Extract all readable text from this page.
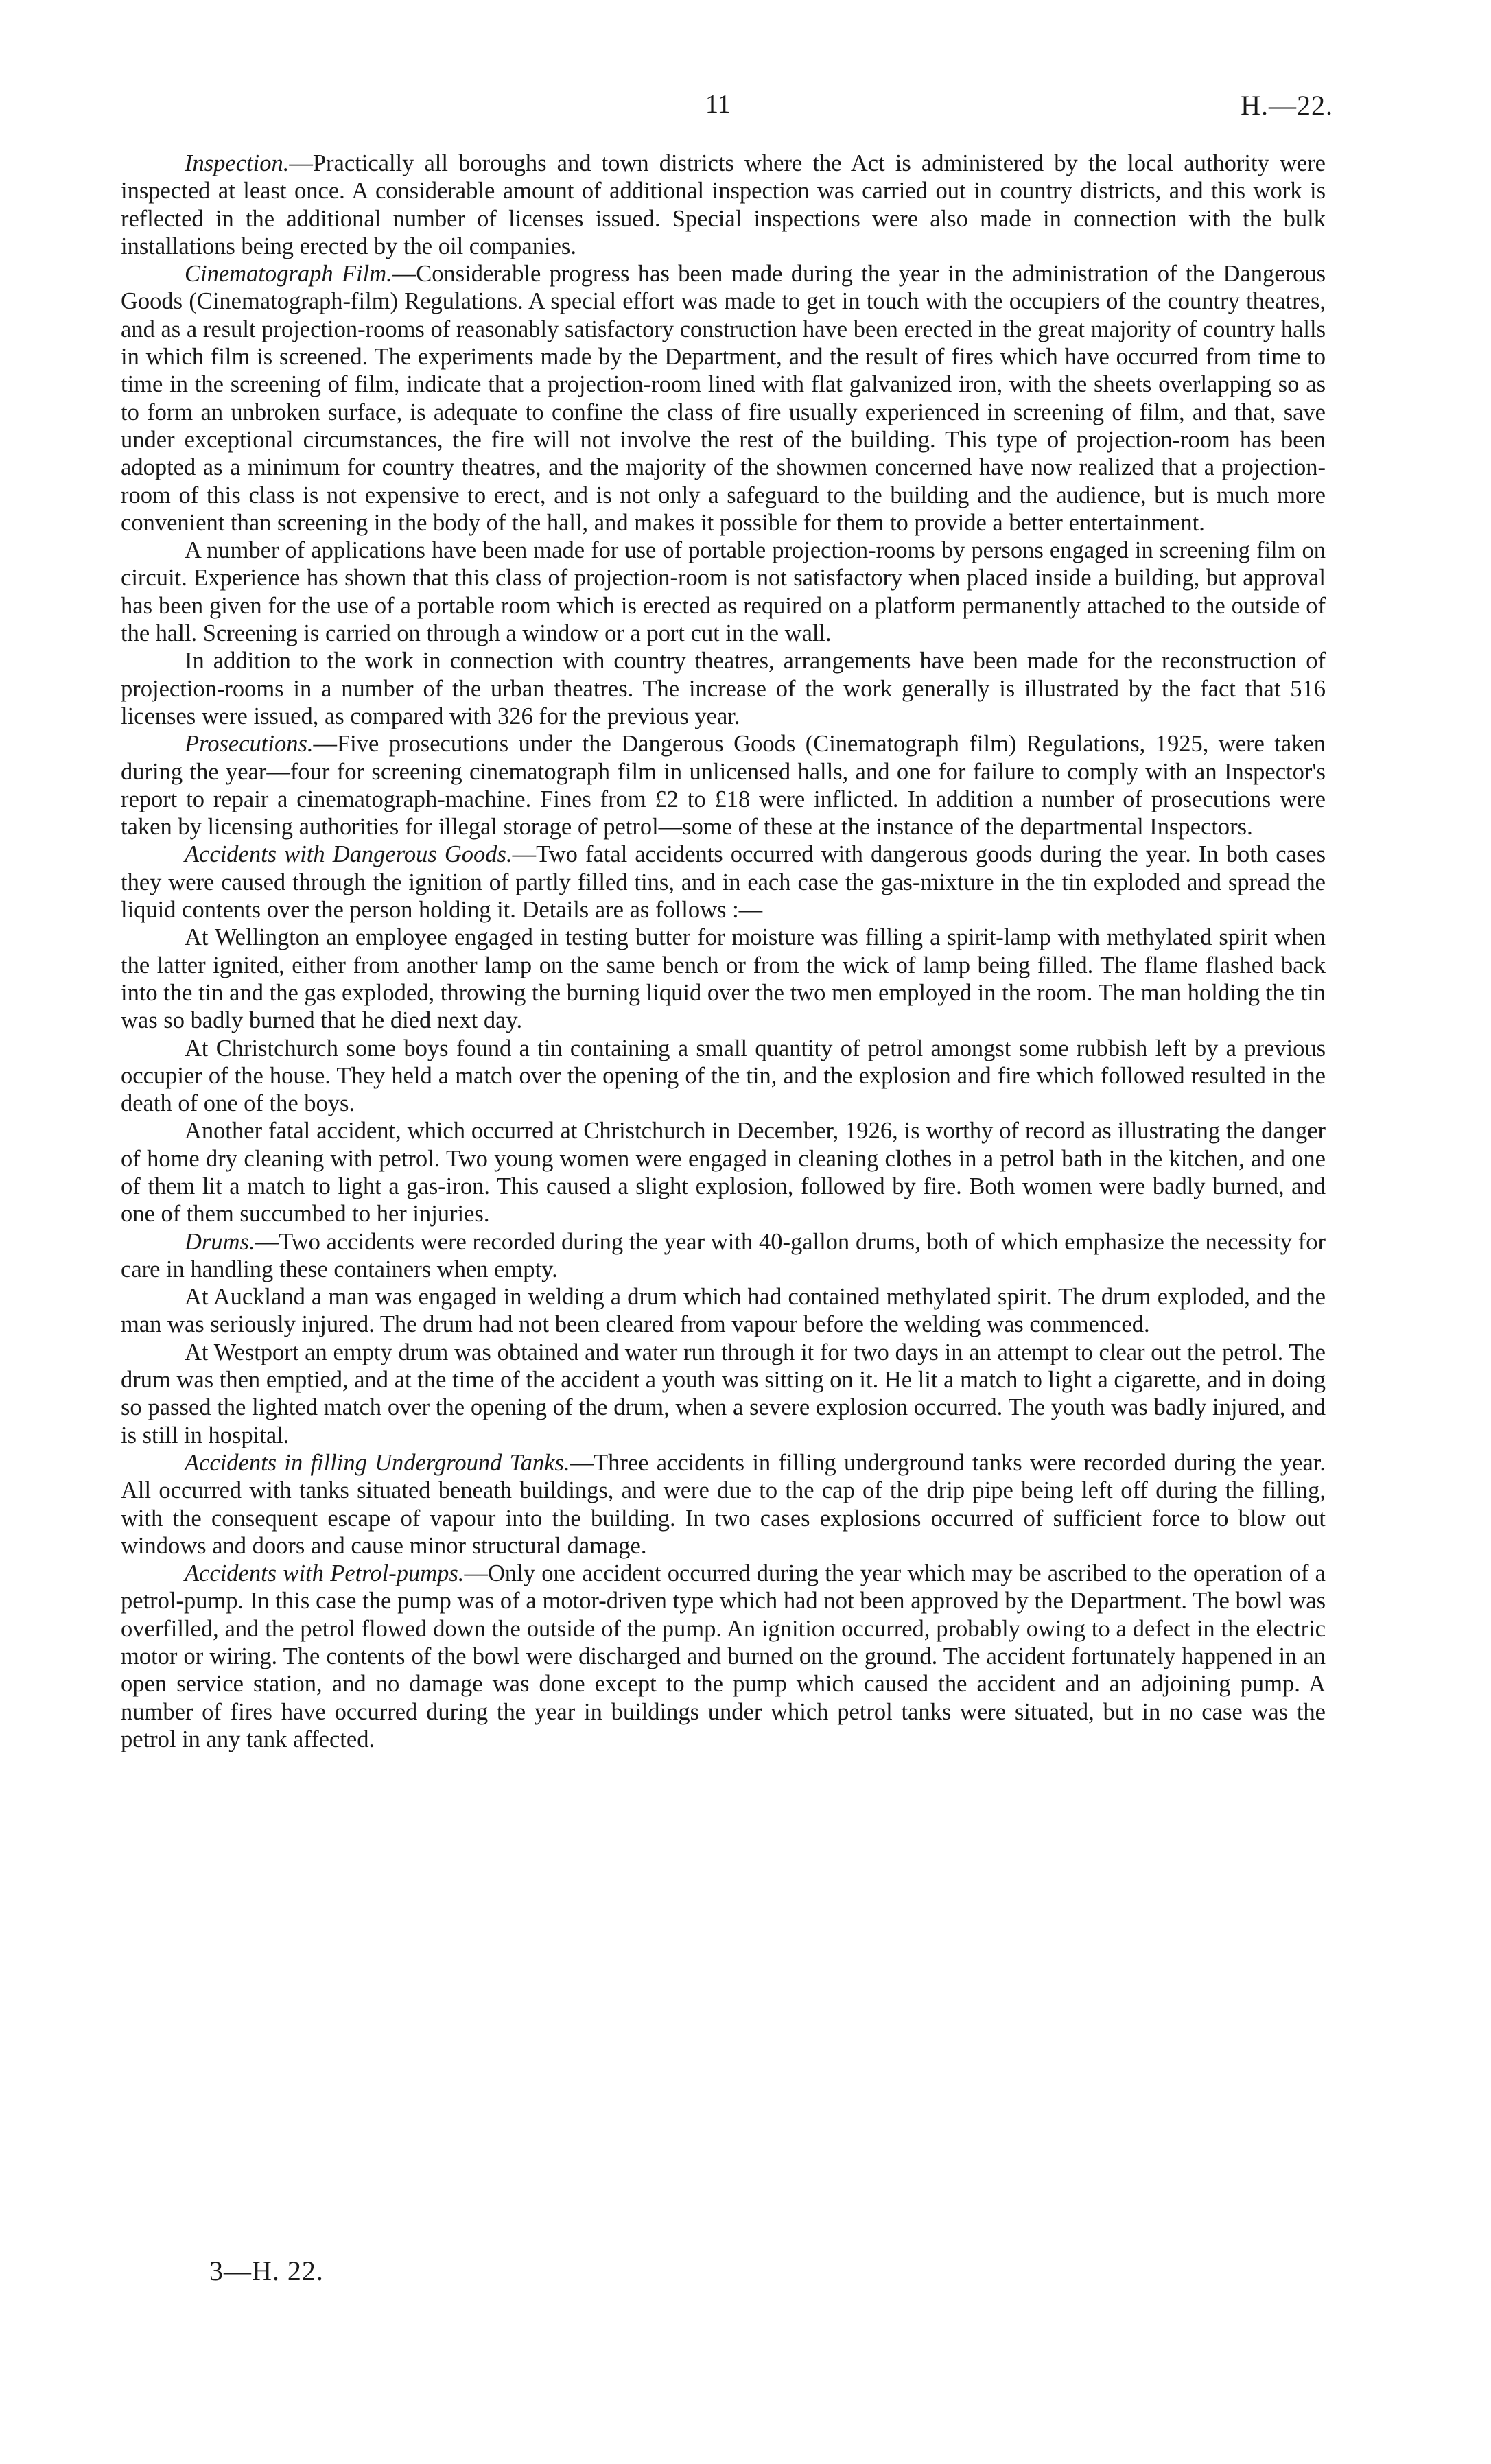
11	H.—22.

Inspection.—Practically all boroughs and town districts where the Act is administered by the local authority were inspected at least once. A considerable amount of additional inspection was carried out in country districts, and this work is reflected in the additional number of licenses issued. Special inspections were also made in connection with the bulk installations being erected by the oil companies.

Cinematograph Film.—Considerable progress has been made during the year in the administration of the Dangerous Goods (Cinematograph-film) Regulations. A special effort was made to get in touch with the occupiers of the country theatres, and as a result projection-rooms of reasonably satisfactory construction have been erected in the great majority of country halls in which film is screened. The experiments made by the Department, and the result of fires which have occurred from time to time in the screening of film, indicate that a projection-room lined with flat galvanized iron, with the sheets overlapping so as to form an unbroken surface, is adequate to confine the class of fire usually experienced in screening of film, and that, save under exceptional circumstances, the fire will not involve the rest of the building. This type of projection-room has been adopted as a minimum for country theatres, and the majority of the showmen concerned have now realized that a projection-room of this class is not expensive to erect, and is not only a safeguard to the building and the audience, but is much more convenient than screening in the body of the hall, and makes it possible for them to provide a better entertainment.

A number of applications have been made for use of portable projection-rooms by persons engaged in screening film on circuit. Experience has shown that this class of projection-room is not satisfactory when placed inside a building, but approval has been given for the use of a portable room which is erected as required on a platform permanently attached to the outside of the hall. Screening is carried on through a window or a port cut in the wall.

In addition to the work in connection with country theatres, arrangements have been made for the reconstruction of projection-rooms in a number of the urban theatres. The increase of the work generally is illustrated by the fact that 516 licenses were issued, as compared with 326 for the previous year.

Prosecutions.—Five prosecutions under the Dangerous Goods (Cinematograph film) Regulations, 1925, were taken during the year—four for screening cinematograph film in unlicensed halls, and one for failure to comply with an Inspector's report to repair a cinematograph-machine. Fines from £2 to £18 were inflicted. In addition a number of prosecutions were taken by licensing authorities for illegal storage of petrol—some of these at the instance of the departmental Inspectors.

Accidents with Dangerous Goods.—Two fatal accidents occurred with dangerous goods during the year. In both cases they were caused through the ignition of partly filled tins, and in each case the gas-mixture in the tin exploded and spread the liquid contents over the person holding it. Details are as follows :—

At Wellington an employee engaged in testing butter for moisture was filling a spirit-lamp with methylated spirit when the latter ignited, either from another lamp on the same bench or from the wick of lamp being filled. The flame flashed back into the tin and the gas exploded, throwing the burning liquid over the two men employed in the room. The man holding the tin was so badly burned that he died next day.

At Christchurch some boys found a tin containing a small quantity of petrol amongst some rubbish left by a previous occupier of the house. They held a match over the opening of the tin, and the explosion and fire which followed resulted in the death of one of the boys.

Another fatal accident, which occurred at Christchurch in December, 1926, is worthy of record as illustrating the danger of home dry cleaning with petrol. Two young women were engaged in cleaning clothes in a petrol bath in the kitchen, and one of them lit a match to light a gas-iron. This caused a slight explosion, followed by fire. Both women were badly burned, and one of them succumbed to her injuries.

Drums.—Two accidents were recorded during the year with 40-gallon drums, both of which emphasize the necessity for care in handling these containers when empty.

At Auckland a man was engaged in welding a drum which had contained methylated spirit. The drum exploded, and the man was seriously injured. The drum had not been cleared from vapour before the welding was commenced.

At Westport an empty drum was obtained and water run through it for two days in an attempt to clear out the petrol. The drum was then emptied, and at the time of the accident a youth was sitting on it. He lit a match to light a cigarette, and in doing so passed the lighted match over the opening of the drum, when a severe explosion occurred. The youth was badly injured, and is still in hospital.

Accidents in filling Underground Tanks.—Three accidents in filling underground tanks were recorded during the year. All occurred with tanks situated beneath buildings, and were due to the cap of the drip pipe being left off during the filling, with the consequent escape of vapour into the building. In two cases explosions occurred of sufficient force to blow out windows and doors and cause minor structural damage.

Accidents with Petrol-pumps.—Only one accident occurred during the year which may be ascribed to the operation of a petrol-pump. In this case the pump was of a motor-driven type which had not been approved by the Department. The bowl was overfilled, and the petrol flowed down the outside of the pump. An ignition occurred, probably owing to a defect in the electric motor or wiring. The contents of the bowl were discharged and burned on the ground. The accident fortunately happened in an open service station, and no damage was done except to the pump which caused the accident and an adjoining pump. A number of fires have occurred during the year in buildings under which petrol tanks were situated, but in no case was the petrol in any tank affected.

3—H. 22.
